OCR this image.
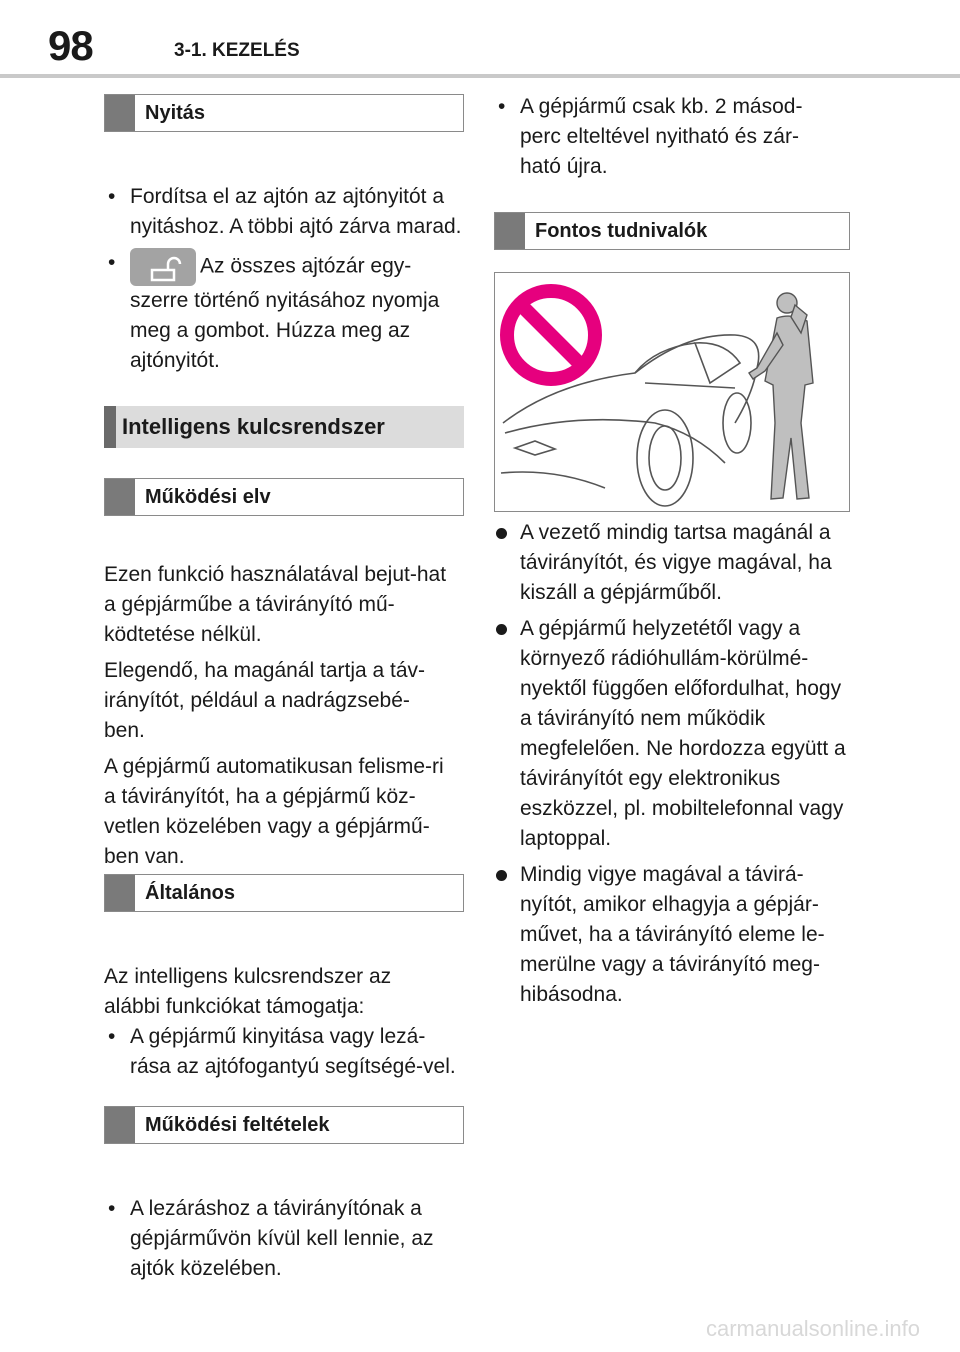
98	3-1. KEZELÉS
Nyitás
• Fordítsa el az ajtón az ajtónyitót a nyitáshoz. A többi ajtó zárva marad.
• Az összes ajtózár egy-szerre történő nyitásához nyomja meg a gombot. Húzza meg az ajtónyitót.
Intelligens kulcsrendszer
Működési elv

Ezen funkció használatával bejut-hat a gépjárműbe a távirányító mű-ködtetése nélkül.

Elegendő, ha magánál tartja a táv-irányítót, például a nadrágzsebé-ben.

A gépjármű automatikusan felisme-ri a távirányítót, ha a gépjármű köz-vetlen közelében vagy a gépjármű-ben van.

Általános

Az intelligens kulcsrendszer az alábbi funkciókat támogatja:

• A gépjármű kinyitása vagy lezá-rása az ajtófogantyú segítségé-vel.
Működési feltételek
• A lezáráshoz a távirányítónak a gépjárművön kívül kell lennie, az ajtók közelében.
• A gépjármű csak kb. 2 másod-perc elteltével nyitható és zár-ható újra.
Fontos tudnivalók
A vezető mindig tartsa magánál a távirányítót, és vigye magával, ha kiszáll a gépjárműből.
A gépjármű helyzetétől vagy a környező rádióhullám-körülmé-nyektől függően előfordulhat, hogy a távirányító nem működik megfelelően. Ne hordozza együtt a távirányítót egy elektronikus eszközzel, pl. mobiltelefonnal vagy laptoppal.
Mindig vigye magával a távirá-nyítót, amikor elhagyja a gépjár-művet, ha a távirányító eleme le-merülne vagy a távirányító meg-hibásodna.
carmanualsonline.info
